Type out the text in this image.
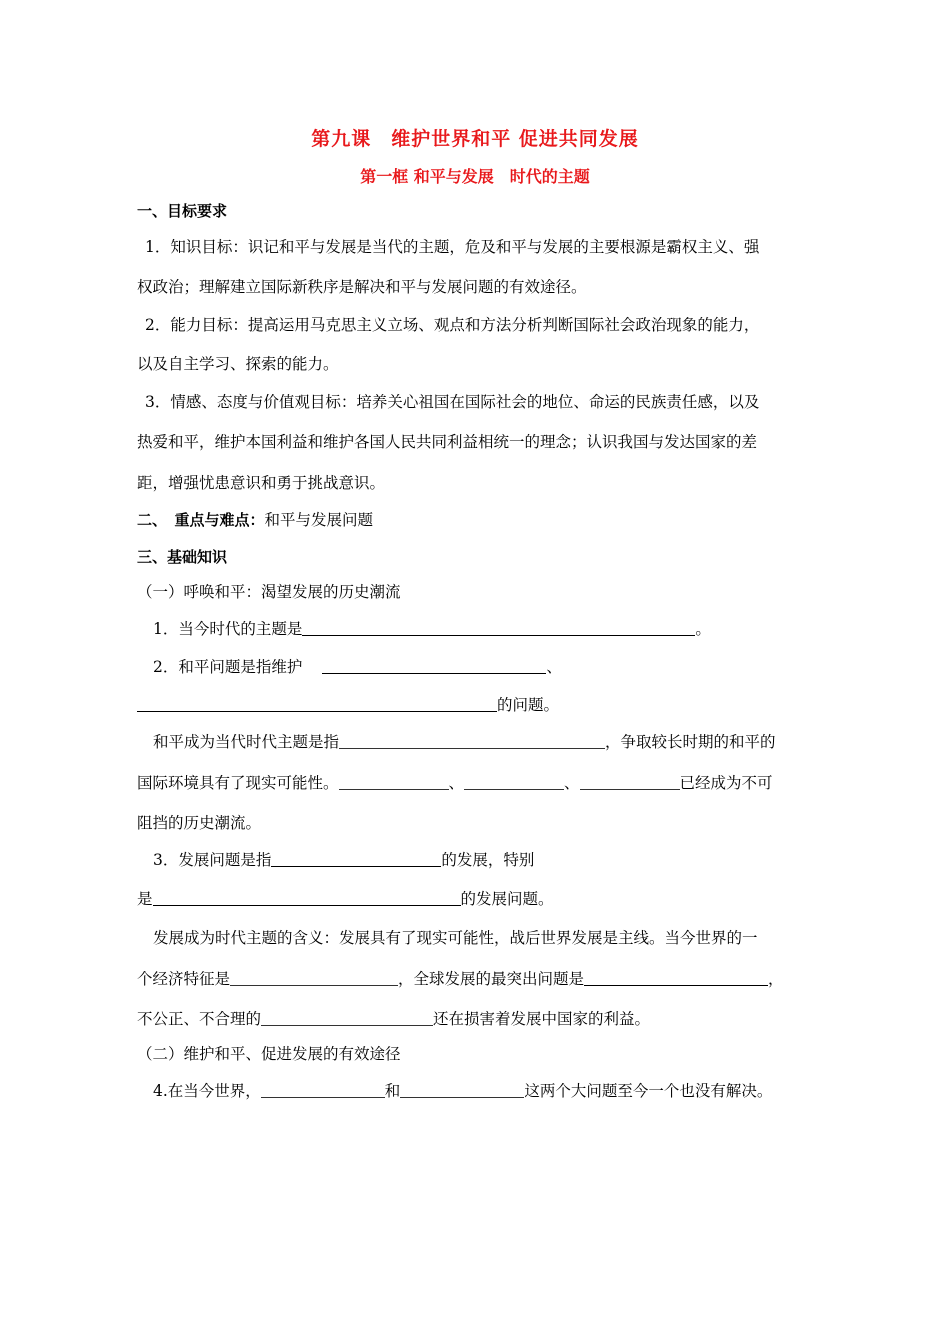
第九课　维护世界和平 促进共同发展
第一框 和平与发展　时代的主题
一、目标要求
1．知识目标：识记和平与发展是当代的主题，危及和平与发展的主要根源是霸权主义、强
权政治；理解建立国际新秩序是解决和平与发展问题的有效途径。
2．能力目标：提高运用马克思主义立场、观点和方法分析判断国际社会政治现象的能力，
以及自主学习、探索的能力。
3．情感、态度与价值观目标：培养关心祖国在国际社会的地位、命运的民族责任感，以及
热爱和平，维护本国利益和维护各国人民共同利益相统一的理念；认识我国与发达国家的差
距，增强忧患意识和勇于挑战意识。
二、　重点与难点：和平与发展问题
三、基础知识
（一）呼唤和平：渴望发展的历史潮流
1．当今时代的主题是	。
2．和平问题是指维护	、
的问题。
和平成为当代时代主题是指	，争取较长时期的和平的
国际环境具有了现实可能性。	、	、	已经成为不可
阻挡的历史潮流。
3．发展问题是指	的发展，特别
是	的发展问题。
发展成为时代主题的含义：发展具有了现实可能性，战后世界发展是主线。当今世界的一
个经济特征是	，全球发展的最突出问题是	，
不公正、不合理的	还在损害着发展中国家的利益。
（二）维护和平、促进发展的有效途径
4.在当今世界，	和	这两个大问题至今一个也没有解决。
